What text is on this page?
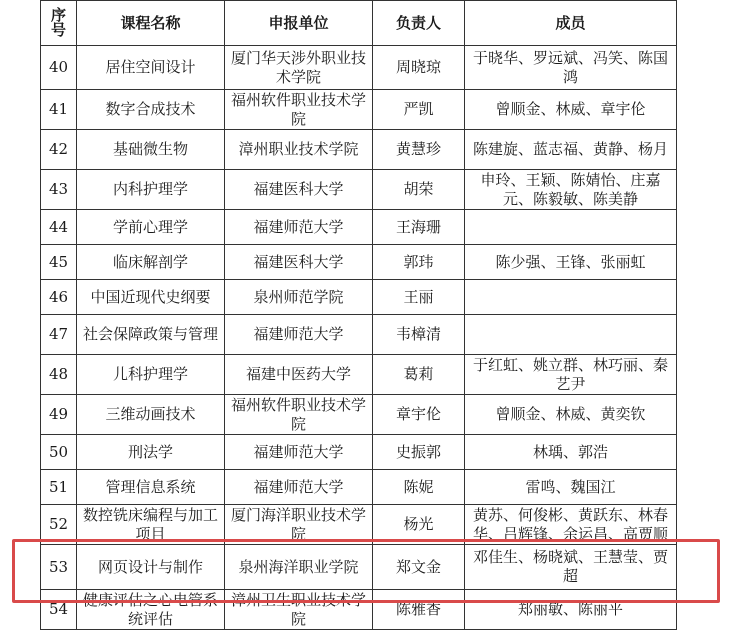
序
号	课程名称	申报单位	负责人	成员
40	居住空间设计	厦门华天涉外职业技术学院	周晓琼	于晓华、罗远斌、冯笑、陈国鸿
41	数字合成技术	福州软件职业技术学院	严凯	曾顺金、林威、章宇伦
42	基础微生物	漳州职业技术学院	黄慧珍	陈建旋、蓝志福、黄静、杨月
43	内科护理学	福建医科大学	胡荣	申玲、王颖、陈婧怡、庄嘉元、陈毅敏、陈美静
44	学前心理学	福建师范大学	王海珊	
45	临床解剖学	福建医科大学	郭玮	陈少强、王锋、张丽虹
46	中国近现代史纲要	泉州师范学院	王丽	
47	社会保障政策与管理	福建师范大学	韦樟清	
48	儿科护理学	福建中医药大学	葛莉	于红虹、姚立群、林巧丽、秦艺尹
49	三维动画技术	福州软件职业技术学院	章宇伦	曾顺金、林威、黄奕钦
50	刑法学	福建师范大学	史振郭	林瑀、郭浩
51	管理信息系统	福建师范大学	陈妮	雷鸣、魏国江
52	数控铣床编程与加工项目	厦门海洋职业技术学院	杨光	黄苏、何俊彬、黄跃东、林春华、吕辉锋、余运昌、高贾顺
53	网页设计与制作	泉州海洋职业学院	郑文金	邓佳生、杨晓斌、王慧莹、贾超
54	健康评估之心电管系统评估	漳州卫生职业技术学院	陈雅香	郑丽敏、陈丽平
